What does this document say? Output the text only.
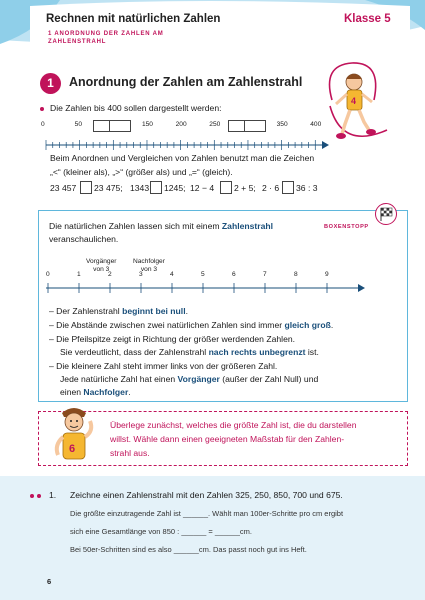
Rechnen mit natürlichen Zahlen	Klasse 5
1 ANORDNUNG DER ZAHLEN AM
ZAHLENSTRAHL
1	Anordnung der Zahlen am Zahlenstrahl
4
Die Zahlen bis 400 sollen dargestellt werden:
0	50	150	200	250	350	400
Beim Anordnen und Vergleichen von Zahlen benutzt man die Zeichen
„<“ (kleiner als), „>“ (größer als) und „=“ (gleich).
23 457 23 475; 1343 1245; 12 − 4 2 + 5; 2 · 6 36 : 3
BOXENSTOPP
Die natürlichen Zahlen lassen sich mit einem Zahlenstrahl
veranschaulichen.
Vorgänger
von 3
Nachfolger
von 3
0	1	2	3	4	5	6	7	8	9
– Der Zahlenstrahl beginnt bei null.
– Die Abstände zwischen zwei natürlichen Zahlen sind immer gleich groß.
– Die Pfeilspitze zeigt in Richtung der größer werdenden Zahlen.
Sie verdeutlicht, dass der Zahlenstrahl nach rechts unbegrenzt ist.
– Die kleinere Zahl steht immer links von der größeren Zahl.
Jede natürliche Zahl hat einen Vorgänger (außer der Zahl Null) und
einen Nachfolger.
6
Überlege zunächst, welches die größte Zahl ist, die du darstellen
willst. Wähle dann einen geeigneten Maßstab für den Zahlen-
strahl aus.
1. Zeichne einen Zahlenstrahl mit den Zahlen 325, 250, 850, 700 und 675.
Die größte einzutragende Zahl ist ______. Wählt man 100er-Schritte pro cm ergibt
sich eine Gesamtlänge von 850 : ______ = ______cm.
Bei 50er-Schritten sind es also ______cm. Das passt noch gut ins Heft.
6
